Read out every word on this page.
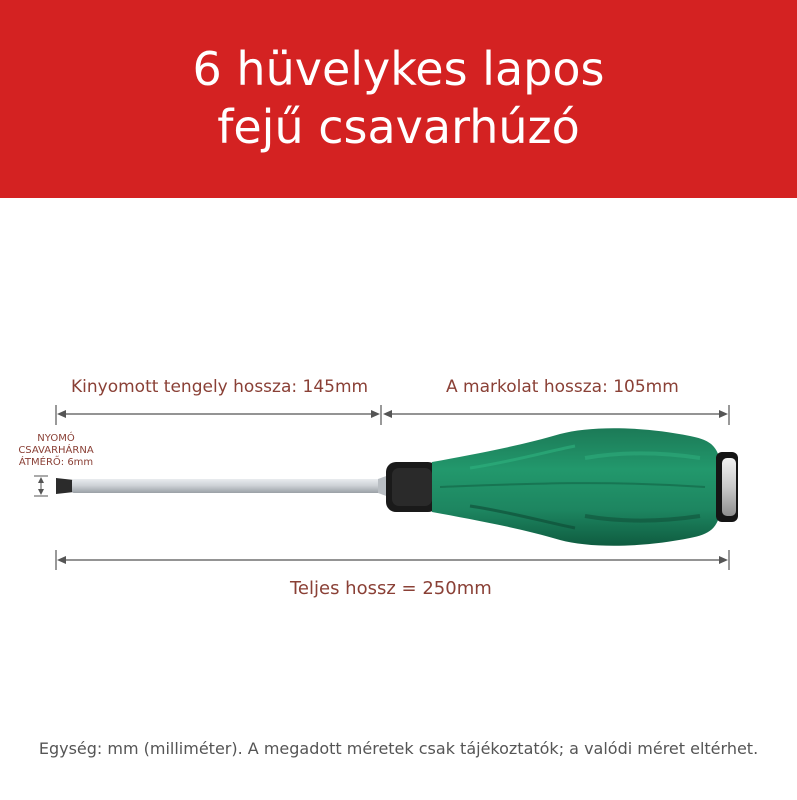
6 hüvelykes lapos
fejű csavarhúzó
Kinyomott tengely hossza: 145mm	A markolat hossza: 105mm
NYOMÓ
CSAVARHÁRNA
ÁTMÉRŐ: 6mm
Teljes hossz = 250mm
Egység: mm (milliméter). A megadott méretek csak tájékoztatók; a valódi méret eltérhet.
